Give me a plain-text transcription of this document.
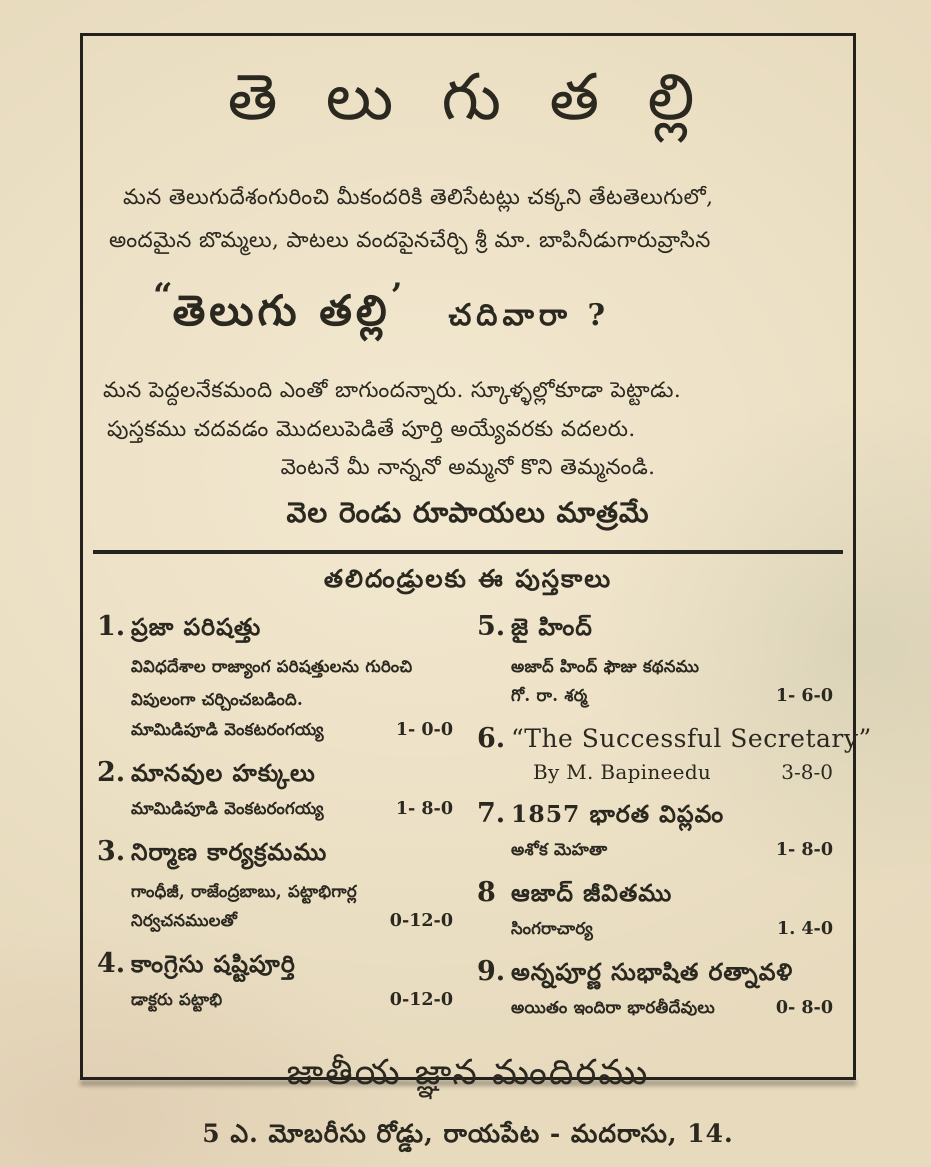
తె లు గు త ల్లి
మన తెలుగుదేశంగురించి మీకందరికి తెలిసేటట్లు చక్కని తేటతెలుగులో,
అందమైన బొమ్మలు, పాటలు వందపైనచేర్చి శ్రీ మా. బాపినీడుగారువ్రాసిన
“తెలుగు తల్లి’ చదివారా ?
మన పెద్దలనేకమంది ఎంతో బాగుందన్నారు. స్కూళ్ళల్లోకూడా పెట్టాడు.
పుస్తకము చదవడం మొదలుపెడితే పూర్తి అయ్యేవరకు వదలరు.
వెంటనే మీ నాన్ననో అమ్మనో కొని తెమ్మనండి.
వెల రెండు రూపాయలు మాత్రమే
తలిదండ్రులకు ఈ పుస్తకాలు
1. ప్రజా పరిషత్తు
వివిధదేశాల రాజ్యాంగ పరిషత్తులను గురించి
విపులంగా చర్చించబడింది.
మామిడిపూడి వెంకటరంగయ్య	1- 0-0
2. మానవుల హక్కులు
మామిడిపూడి వెంకటరంగయ్య	1- 8-0
3. నిర్మాణ కార్యక్రమము
గాంధీజీ, రాజేంద్రబాబు, పట్టాభిగార్ల
నిర్వచనములతో	0-12-0
4. కాంగ్రెసు షష్టిపూర్తి
డాక్టరు పట్టాభి	0-12-0
5. జై హింద్
అజాద్ హింద్ ఫౌజు కథనము
గో. రా. శర్మ	1- 6-0
6. “The Successful Secretary”
By M. Bapineedu	3-8-0
7. 1857 భారత విప్లవం
అశోక మెహతా	1- 8-0
8 ఆజాద్ జీవితము
సింగరాచార్య	1. 4-0
9. అన్నపూర్ణ సుభాషిత రత్నావళి
అయితం ఇందిరా భారతీదేవులు	0- 8-0
జాతీయ జ్ఞాన మందిరము
5 ఎ. మోబరీసు రోడ్డు, రాయపేట - మదరాసు, 14.
